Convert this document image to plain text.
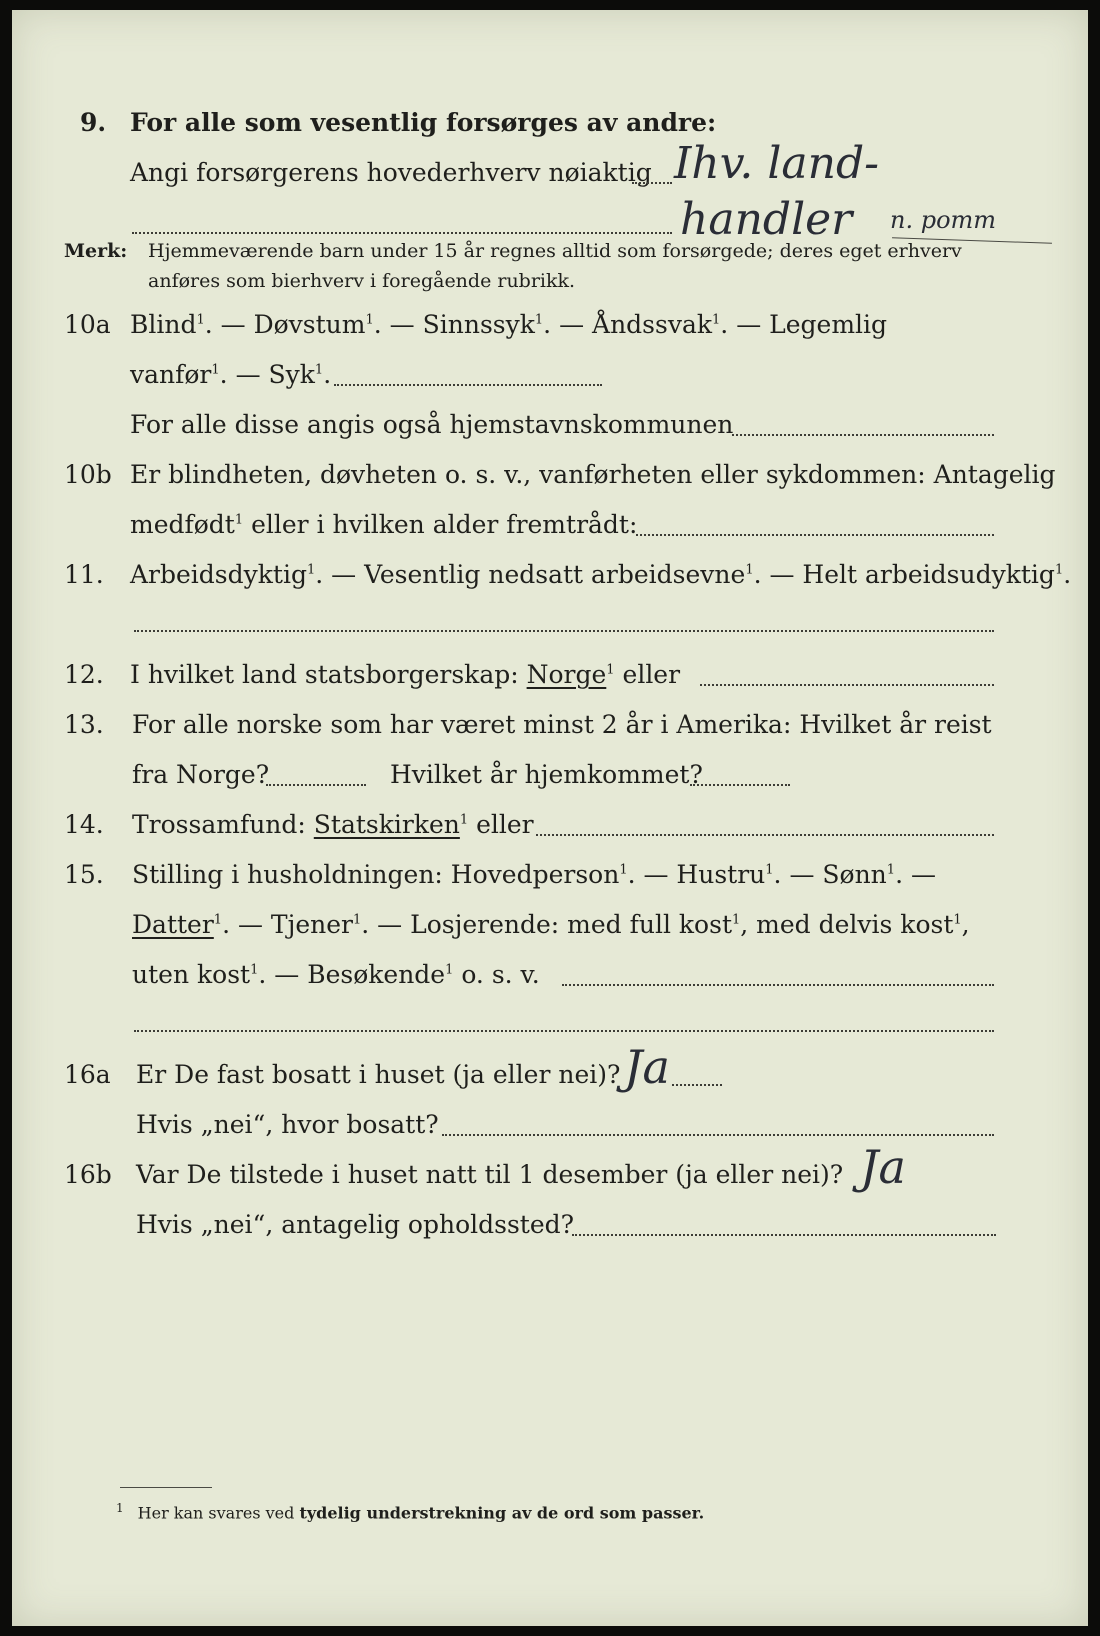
9. For alle som vesentlig forsørges av andre:
Angi forsørgerens hovederhverv nøiaktig Ihv. land-
handler n. pomm
Merk: Hjemmeværende barn under 15 år regnes alltid som forsørgede; deres eget erhverv
anføres som bierhverv i foregående rubrikk.
10a Blind$^1$. — Døvstum$^1$. — Sinnssyk$^1$. — Åndssvak$^1$. — Legemlig
vanfør$^1$. — Syk$^1$.
For alle disse angis også hjemstavnskommunen
10b Er blindheten, døvheten o. s. v., vanførheten eller sykdommen: Antagelig
medfødt$^1$ eller i hvilken alder fremtrådt:
11. Arbeidsdyktig$^1$. — Vesentlig nedsatt arbeidsevne$^1$. — Helt arbeidsudyktig$^1$.
12. I hvilket land statsborgerskap: Norge$^1$ eller
13. For alle norske som har været minst 2 år i Amerika: Hvilket år reist
fra Norge?	Hvilket år hjemkommet?
14. Trossamfund: Statskirken$^1$ eller
15. Stilling i husholdningen: Hovedperson$^1$. — Hustru$^1$. — Sønn$^1$. —
Datter$^1$. — Tjener$^1$. — Losjerende: med full kost$^1$, med delvis kost$^1$,
uten kost$^1$. — Besøkende$^1$ o. s. v.
16a Er De fast bosatt i huset (ja eller nei)? Ja
Hvis „nei“, hvor bosatt?
16b Var De tilstede i huset natt til 1 desember (ja eller nei)? Ja
Hvis „nei“, antagelig opholdssted?
$^1$ Her kan svares ved tydelig understrekning av de ord som passer.
